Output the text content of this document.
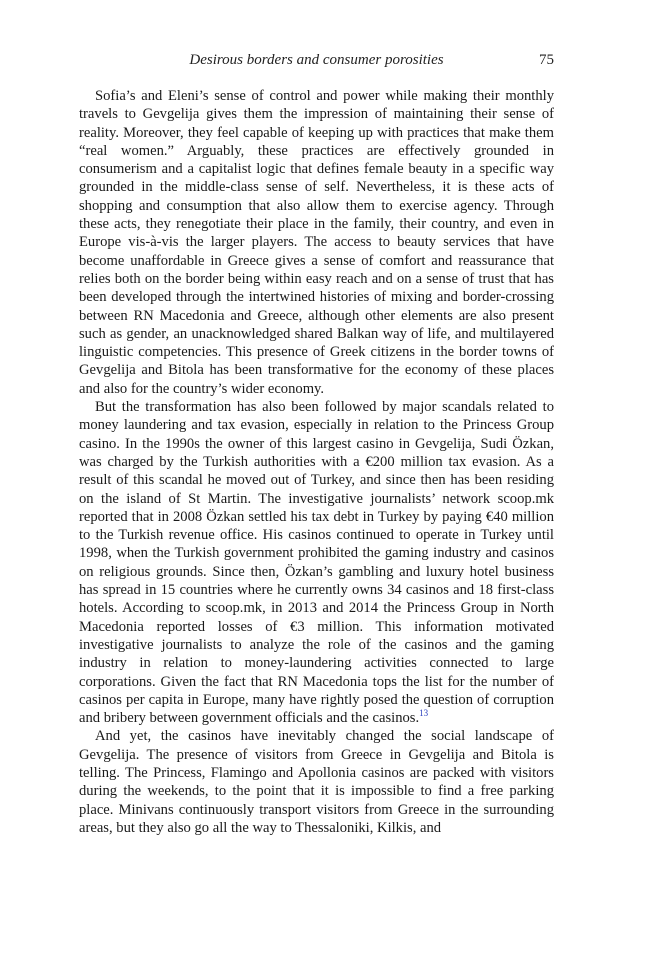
Desirous borders and consumer porosities	75

Sofia’s and Eleni’s sense of control and power while making their monthly travels to Gevgelija gives them the impression of maintaining their sense of reality. Moreover, they feel capable of keeping up with practices that make them “real women.” Arguably, these practices are effectively grounded in consumerism and a capitalist logic that defines female beauty in a specific way grounded in the middle-class sense of self. Nevertheless, it is these acts of shopping and consumption that also allow them to exercise agency. Through these acts, they renegotiate their place in the family, their country, and even in Europe vis-à-vis the larger players. The access to beauty services that have become unaffordable in Greece gives a sense of comfort and reassurance that relies both on the border being within easy reach and on a sense of trust that has been developed through the intertwined histories of mixing and border-crossing between RN Macedonia and Greece, although other elements are also present such as gender, an unacknowledged shared Balkan way of life, and multilayered linguistic competencies. This presence of Greek citizens in the border towns of Gevgelija and Bitola has been transformative for the economy of these places and also for the country’s wider economy.

But the transformation has also been followed by major scandals related to money laundering and tax evasion, especially in relation to the Princess Group casino. In the 1990s the owner of this largest casino in Gevgelija, Sudi Özkan, was charged by the Turkish authorities with a €200 million tax evasion. As a result of this scandal he moved out of Turkey, and since then has been residing on the island of St Martin. The investigative journalists’ network scoop.mk reported that in 2008 Özkan settled his tax debt in Turkey by paying €40 million to the Turkish revenue office. His casinos continued to operate in Turkey until 1998, when the Turkish government prohibited the gaming industry and casinos on religious grounds. Since then, Özkan’s gambling and luxury hotel business has spread in 15 countries where he currently owns 34 casinos and 18 first-class hotels. According to scoop.mk, in 2013 and 2014 the Princess Group in North Macedonia reported losses of €3 million. This information motivated investigative journalists to analyze the role of the casinos and the gaming industry in relation to money-laundering activities connected to large corporations. Given the fact that RN Macedonia tops the list for the number of casinos per capita in Europe, many have rightly posed the question of corruption and bribery between government officials and the casinos.$^{13}$

And yet, the casinos have inevitably changed the social landscape of Gevgelija. The presence of visitors from Greece in Gevgelija and Bitola is telling. The Princess, Flamingo and Apollonia casinos are packed with visitors during the weekends, to the point that it is impossible to find a free parking place. Minivans continuously transport visitors from Greece in the surrounding areas, but they also go all the way to Thessaloniki, Kilkis, and
